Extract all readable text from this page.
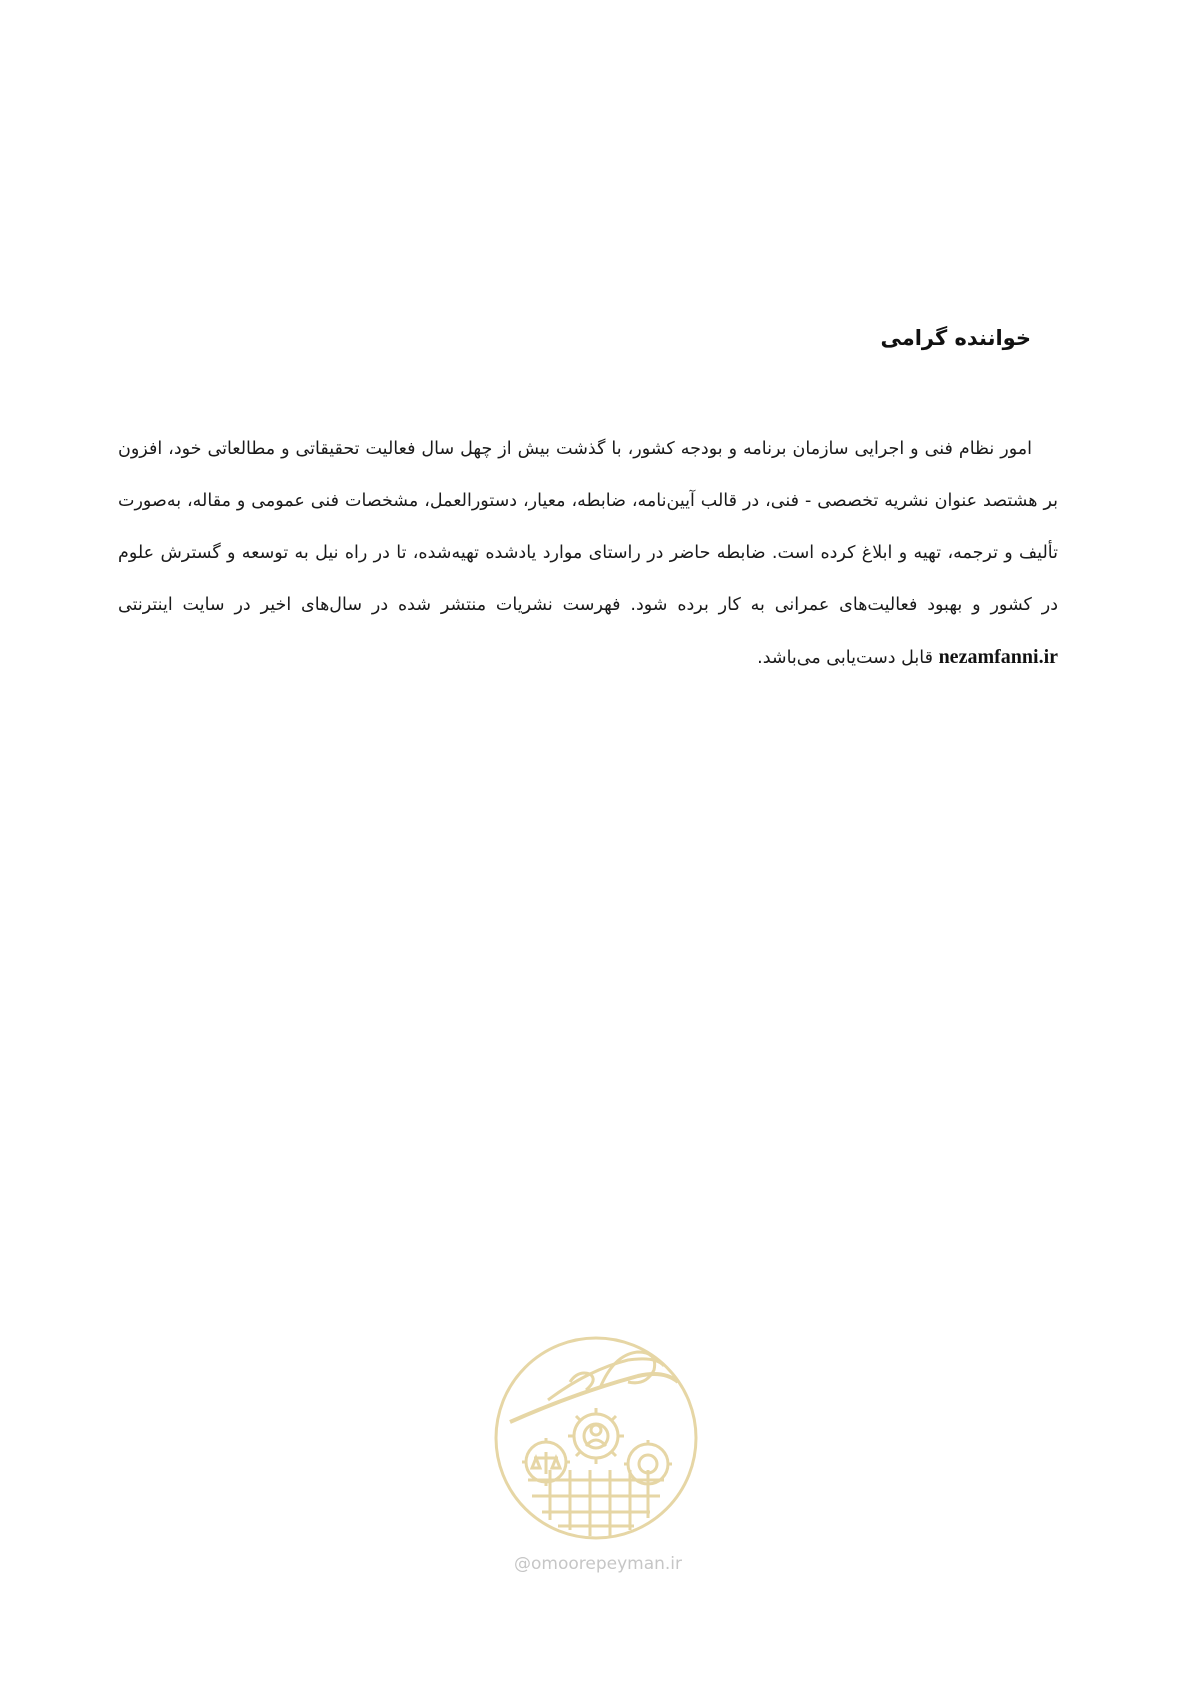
خواننده گرامی

امور نظام فنی و اجرایی سازمان برنامه و بودجه کشور، با گذشت بیش از چهل سال فعالیت تحقیقاتی و مطالعاتی خود، افزون بر هشتصد عنوان نشریه تخصصی - فنی، در قالب آیین‌نامه، ضابطه، معیار، دستورالعمل، مشخصات فنی عمومی و مقاله، به‌صورت تألیف و ترجمه، تهیه و ابلاغ کرده است. ضابطه حاضر در راستای موارد یادشده تهیه‌شده، تا در راه نیل به توسعه و گسترش علوم در کشور و بهبود فعالیت‌های عمرانی به کار برده شود. فهرست نشریات منتشر شده در سال‌های اخیر در سایت اینترنتی nezamfanni.ir قابل دست‌یابی می‌باشد.

@omoorepeyman.ir
